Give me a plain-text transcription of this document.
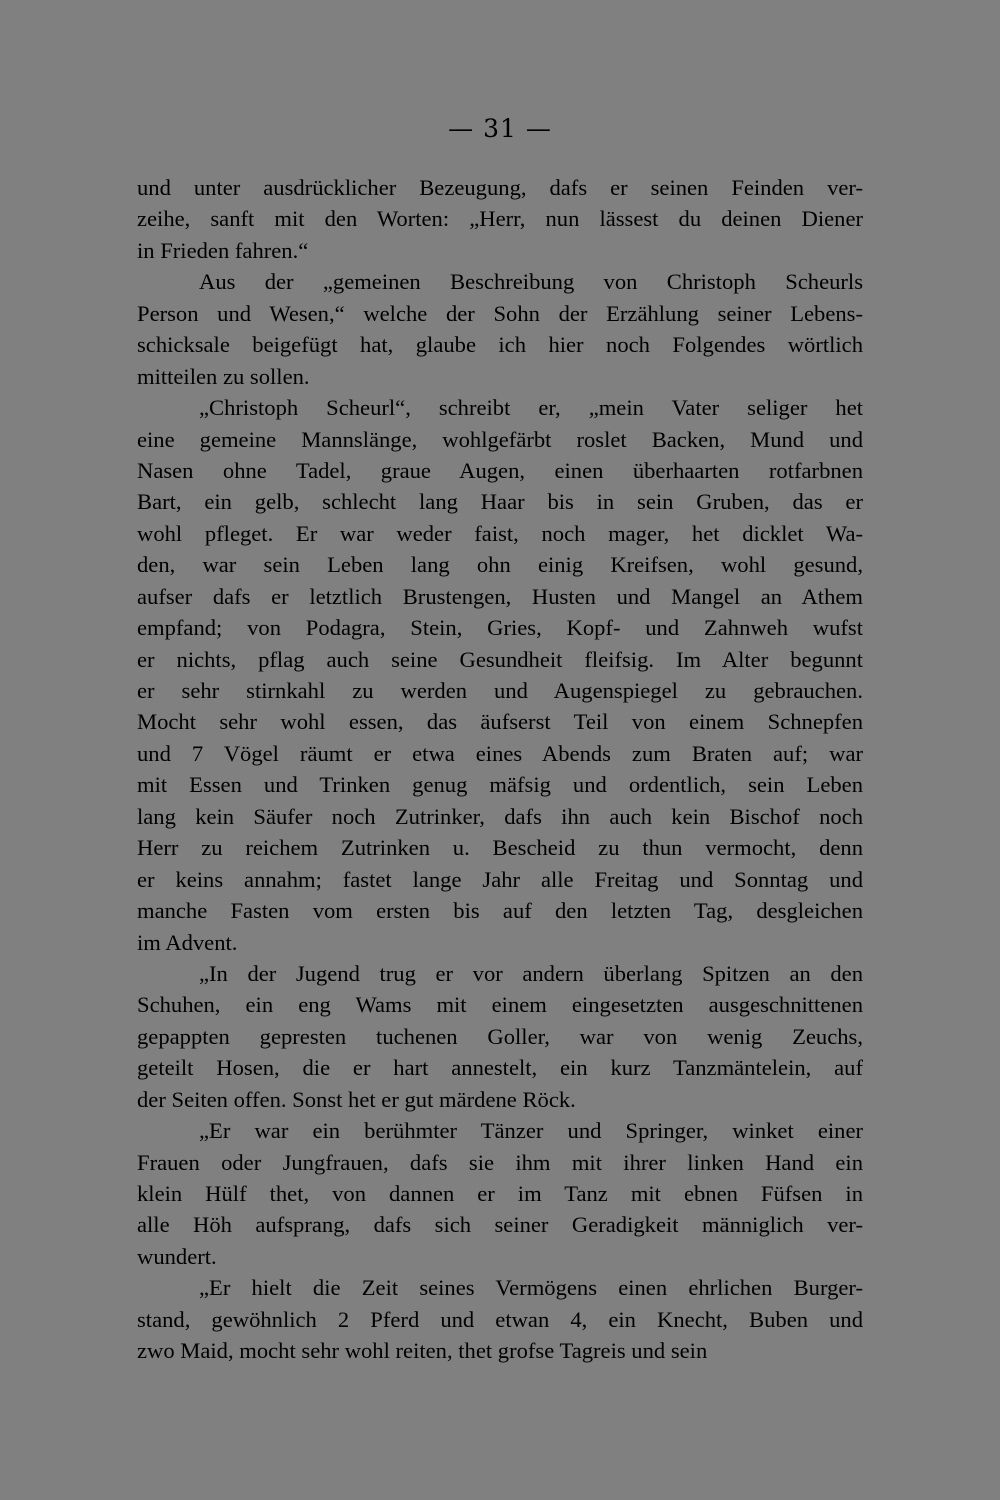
— 31 —
und unter ausdrücklicher Bezeugung, dafs er seinen Feinden ver-
zeihe, sanft mit den Worten: „Herr, nun lässest du deinen Diener
in Frieden fahren.“
Aus der „gemeinen Beschreibung von Christoph Scheurls
Person und Wesen,“ welche der Sohn der Erzählung seiner Lebens-
schicksale beigefügt hat, glaube ich hier noch Folgendes wörtlich
mitteilen zu sollen.
„Christoph Scheurl“, schreibt er, „mein Vater seliger het
eine gemeine Mannslänge, wohlgefärbt roslet Backen, Mund und
Nasen ohne Tadel, graue Augen, einen überhaarten rotfarbnen
Bart, ein gelb, schlecht lang Haar bis in sein Gruben, das er
wohl pfleget. Er war weder faist, noch mager, het dicklet Wa-
den, war sein Leben lang ohn einig Kreifsen, wohl gesund,
aufser dafs er letztlich Brustengen, Husten und Mangel an Athem
empfand; von Podagra, Stein, Gries, Kopf- und Zahnweh wufst
er nichts, pflag auch seine Gesundheit fleifsig. Im Alter begunnt
er sehr stirnkahl zu werden und Augenspiegel zu gebrauchen.
Mocht sehr wohl essen, das äufserst Teil von einem Schnepfen
und 7 Vögel räumt er etwa eines Abends zum Braten auf; war
mit Essen und Trinken genug mäfsig und ordentlich, sein Leben
lang kein Säufer noch Zutrinker, dafs ihn auch kein Bischof noch
Herr zu reichem Zutrinken u. Bescheid zu thun vermocht, denn
er keins annahm; fastet lange Jahr alle Freitag und Sonntag und
manche Fasten vom ersten bis auf den letzten Tag, desgleichen
im Advent.
„In der Jugend trug er vor andern überlang Spitzen an den
Schuhen, ein eng Wams mit einem eingesetzten ausgeschnittenen
gepappten gepresten tuchenen Goller, war von wenig Zeuchs,
geteilt Hosen, die er hart annestelt, ein kurz Tanzmäntelein, auf
der Seiten offen. Sonst het er gut märdene Röck.
„Er war ein berühmter Tänzer und Springer, winket einer
Frauen oder Jungfrauen, dafs sie ihm mit ihrer linken Hand ein
klein Hülf thet, von dannen er im Tanz mit ebnen Füfsen in
alle Höh aufsprang, dafs sich seiner Geradigkeit männiglich ver-
wundert.
„Er hielt die Zeit seines Vermögens einen ehrlichen Burger-
stand, gewöhnlich 2 Pferd und etwan 4, ein Knecht, Buben und
zwo Maid, mocht sehr wohl reiten, thet grofse Tagreis und sein
